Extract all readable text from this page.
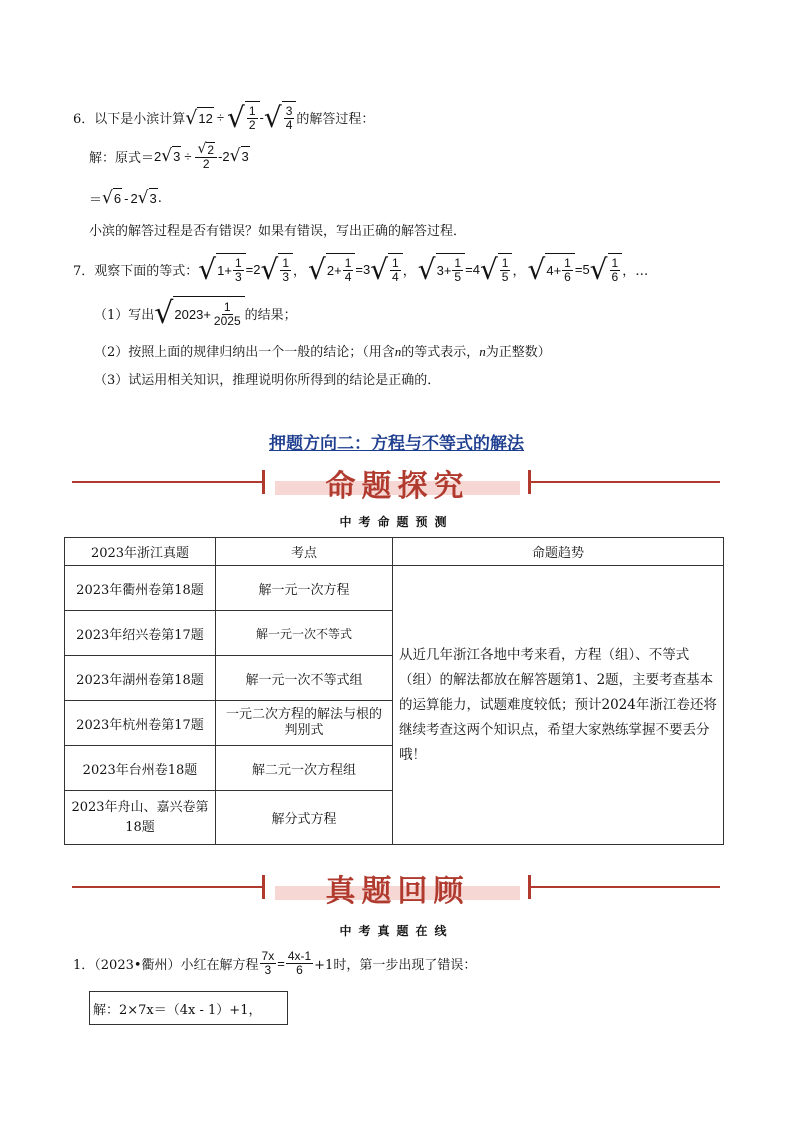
6． 以下是小滨计算 √ 12 ÷ √ $\frac{1}{2}$ - √ $\frac{3}{4}$ 的解答过程：
解：原式＝ 2 √ $3 \div \frac{√ 2}{2} - 2$ √ 3
＝ √ 6 - 2 √ 3 .
小滨的解答过程是否有错误？如果有错误，写出正确的解答过程．
7．观察下面的等式： √ $1 + \frac{1}{3} = 2$ √ $\frac{1}{3}$ ， √ $2 + \frac{1}{4} = 3$ √ $\frac{1}{4}$ ， √ $3 + \frac{1}{5} = 4$ √ $\frac{1}{5}$ ， √ $4 + \frac{1}{6} = 5$ √ $\frac{1}{6}$ ，…
（1）写出 √ $2023+ \frac{1}{2025}$ 的结果；
（2）按照上面的规律归纳出一个一般的结论；（用含n的等式表示，n为正整数）
（3）试运用相关知识，推理说明你所得到的结论是正确的．
押题方向二：方程与不等式的解法
命题探究
中考命题预测
2023年浙江真题	考点	命题趋势
2023年衢州卷第18题	解一元一次方程	从近几年浙江各地中考来看，方程（组）、不等式（组）的解法都放在解答题第1、2题，主要考查基本的运算能力，试题难度较低；预计2024年浙江卷还将继续考查这两个知识点，希望大家熟练掌握不要丢分哦！
2023年绍兴卷第17题	解一元一次不等式	
2023年湖州卷第18题	解一元一次不等式组	
2023年杭州卷第17题	一元二次方程的解法与根的判别式	
2023年台州卷18题	解二元一次方程组	
2023年舟山、嘉兴卷第18题	解分式方程	
真题回顾
中考真题在线
1．（2023•衢州）小红在解方程 $\frac{7x}{3} = \frac{4x-1}{6} +1$时，第一步出现了错误：
解：2×7x＝（4x - 1）+1，
